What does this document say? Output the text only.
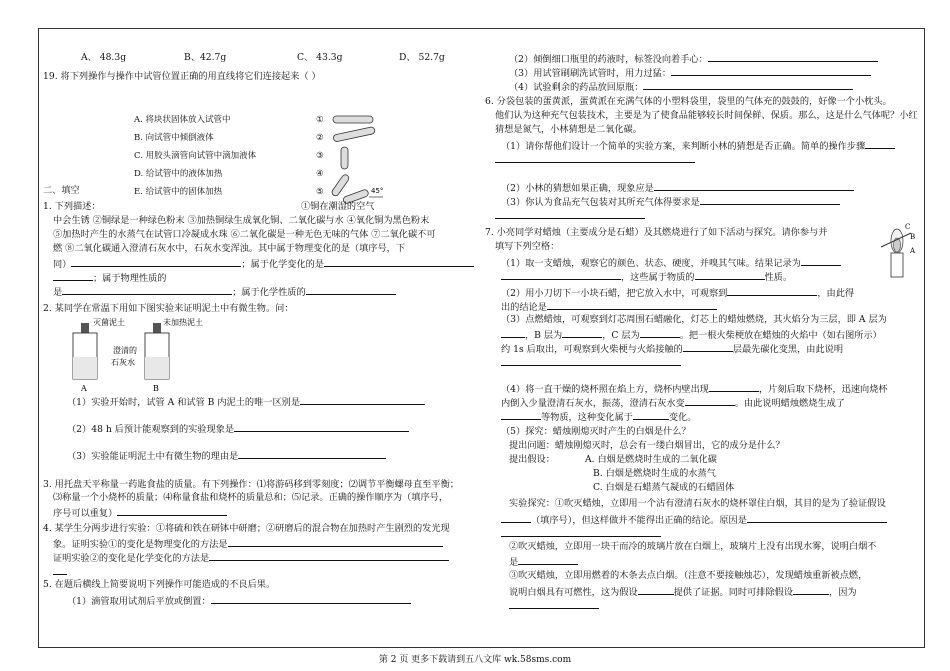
A、 48.3g	B、42.7g	C、 43.3g	D、 52.7g
19. 将下列操作与操作中试管位置正确的用直线将它们连接起来（ ）
A. 将块状固体放入试管中
B. 向试管中倾倒液体
C. 用胶头滴管向试管中滴加液体
D. 给试管中的液体加热
E. 给试管中的固体加热
①
②
③
④
⑤	45°
二、填空
1. 下列描述：	①铜在潮湿的空气
中会生锈 ②铜绿是一种绿色粉末 ③加热铜绿生成氧化铜、二氧化碳与水 ④氧化铜为黑色粉末
⑤加热时产生的水蒸气在试管口冷凝成水珠 ⑥二氧化碳是一种无色无味的气体 ⑦二氧化碳不可
燃 ⑧二氧化碳通入澄清石灰水中，石灰水变浑浊。其中属于物理变化的是（填序号，下
同）	；属于化学变化的是
；属于物理性质的
是	；属于化学性质的
2. 某同学在常温下用如下图实验来证明泥土中有微生物。问：
灭菌泥土	未加热泥土
澄清的
石灰水
A	B
（1）实验开始时，试管 A 和试管 B 内泥土的唯一区别是
（2）48 h 后预计能观察到的实验现象是
（3）实验能证明泥土中有微生物的理由是
3. 用托盘天平称量一药匙食盐的质量。有下列操作：⑴将游码移到零刻度；⑵调节平衡螺母直至平衡；
⑶称量一个小烧杯的质量；⑷称量食盐和烧杯的质量总和；⑸记录。正确的操作顺序为（填序号，
序号可以重复）
4. 某学生分两步进行实验：①将硫和铁在研钵中研磨；②研磨后的混合物在加热时产生剧烈的发光现
象。证明实验①的变化是物理变化的方法是
证明实验②的变化是化学变化的方法是
5. 在题后横线上简要说明下列操作可能造成的不良后果。
（1）滴管取用试剂后平放或倒置：
（2）倾倒细口瓶里的药液时，标签没向着手心：
（3）用试管刷刷洗试管时，用力过猛：
（4）试验剩余的药品放回原瓶：
6. 分袋包装的蛋黄派，蛋黄派在充满气体的小塑料袋里，袋里的气体充的鼓鼓的，好像一个小枕头。
他们认为这种充气包装技术，主要是为了使食品能够较长时间保鲜、保质。那么，这是什么气体呢？小红
猜想是氮气，小林猜想是二氧化碳。
（1）请你帮他们设计一个简单的实验方案，来判断小林的猜想是否正确。简单的操作步骤
（2）小林的猜想如果正确，现象应是
（3）你认为食品充气包装对其所充气体得要求是
7. 小亮同学对蜡烛（主要成分是石蜡）及其燃烧进行了如下活动与探究。请你参与并
填写下列空格：
C
B
A
（1）取一支蜡烛，观察它的颜色、状态、硬度，并嗅其气味。结果记录为
，这些属于物质的	性质。
（2）用小刀切下一小块石蜡，把它放入水中，可观察到	，由此得
出的结论是
（3）点燃蜡烛，可观察到灯芯周围石蜡融化，灯芯上的蜡烛燃烧，其火焰分为三层，即 A 层为
，B 层为	，C 层为	。把一根火柴梗放在蜡烛的火焰中（如右图所示）
约 1s 后取出，可观察到火柴梗与火焰接触的	层最先碳化变黑，由此说明
（4）将一直干燥的烧杯照在焰上方，烧杯内壁出现	，片刻后取下烧杯，迅速向烧杯
内倒入少量澄清石灰水，振荡，澄清石灰水变	。由此说明蜡烛燃烧生成了
等物质，这种变化属于	变化。
（5）探究：蜡烛刚熄灭时产生的白烟是什么？
提出问题：蜡烛刚熄灭时，总会有一缕白烟冒出，它的成分是什么？
提出假设：	A. 白烟是燃烧时生成的二氧化碳
B. 白烟是燃烧时生成的水蒸气
C. 白烟是石蜡蒸气凝成的石蜡固体
实验探究：①吹灭蜡烛，立即用一个沾有澄清石灰水的烧杯罩住白烟，其目的是为了验证假设
（填序号），但这样做并不能得出正确的结论。原因是
②吹灭蜡烛，立即用一块干而冷的玻璃片放在白烟上，玻璃片上没有出现水雾，说明白烟不
是
③吹灭蜡烛，立即用燃着的木条去点白烟。（注意不要接触烛芯），发现蜡烛重新被点燃，
说明白烟具有可燃性，这为假设	提供了证据。同时可排除假设	，因为
第 2 页 更多下载请到五八文库 wk.58sms.com
